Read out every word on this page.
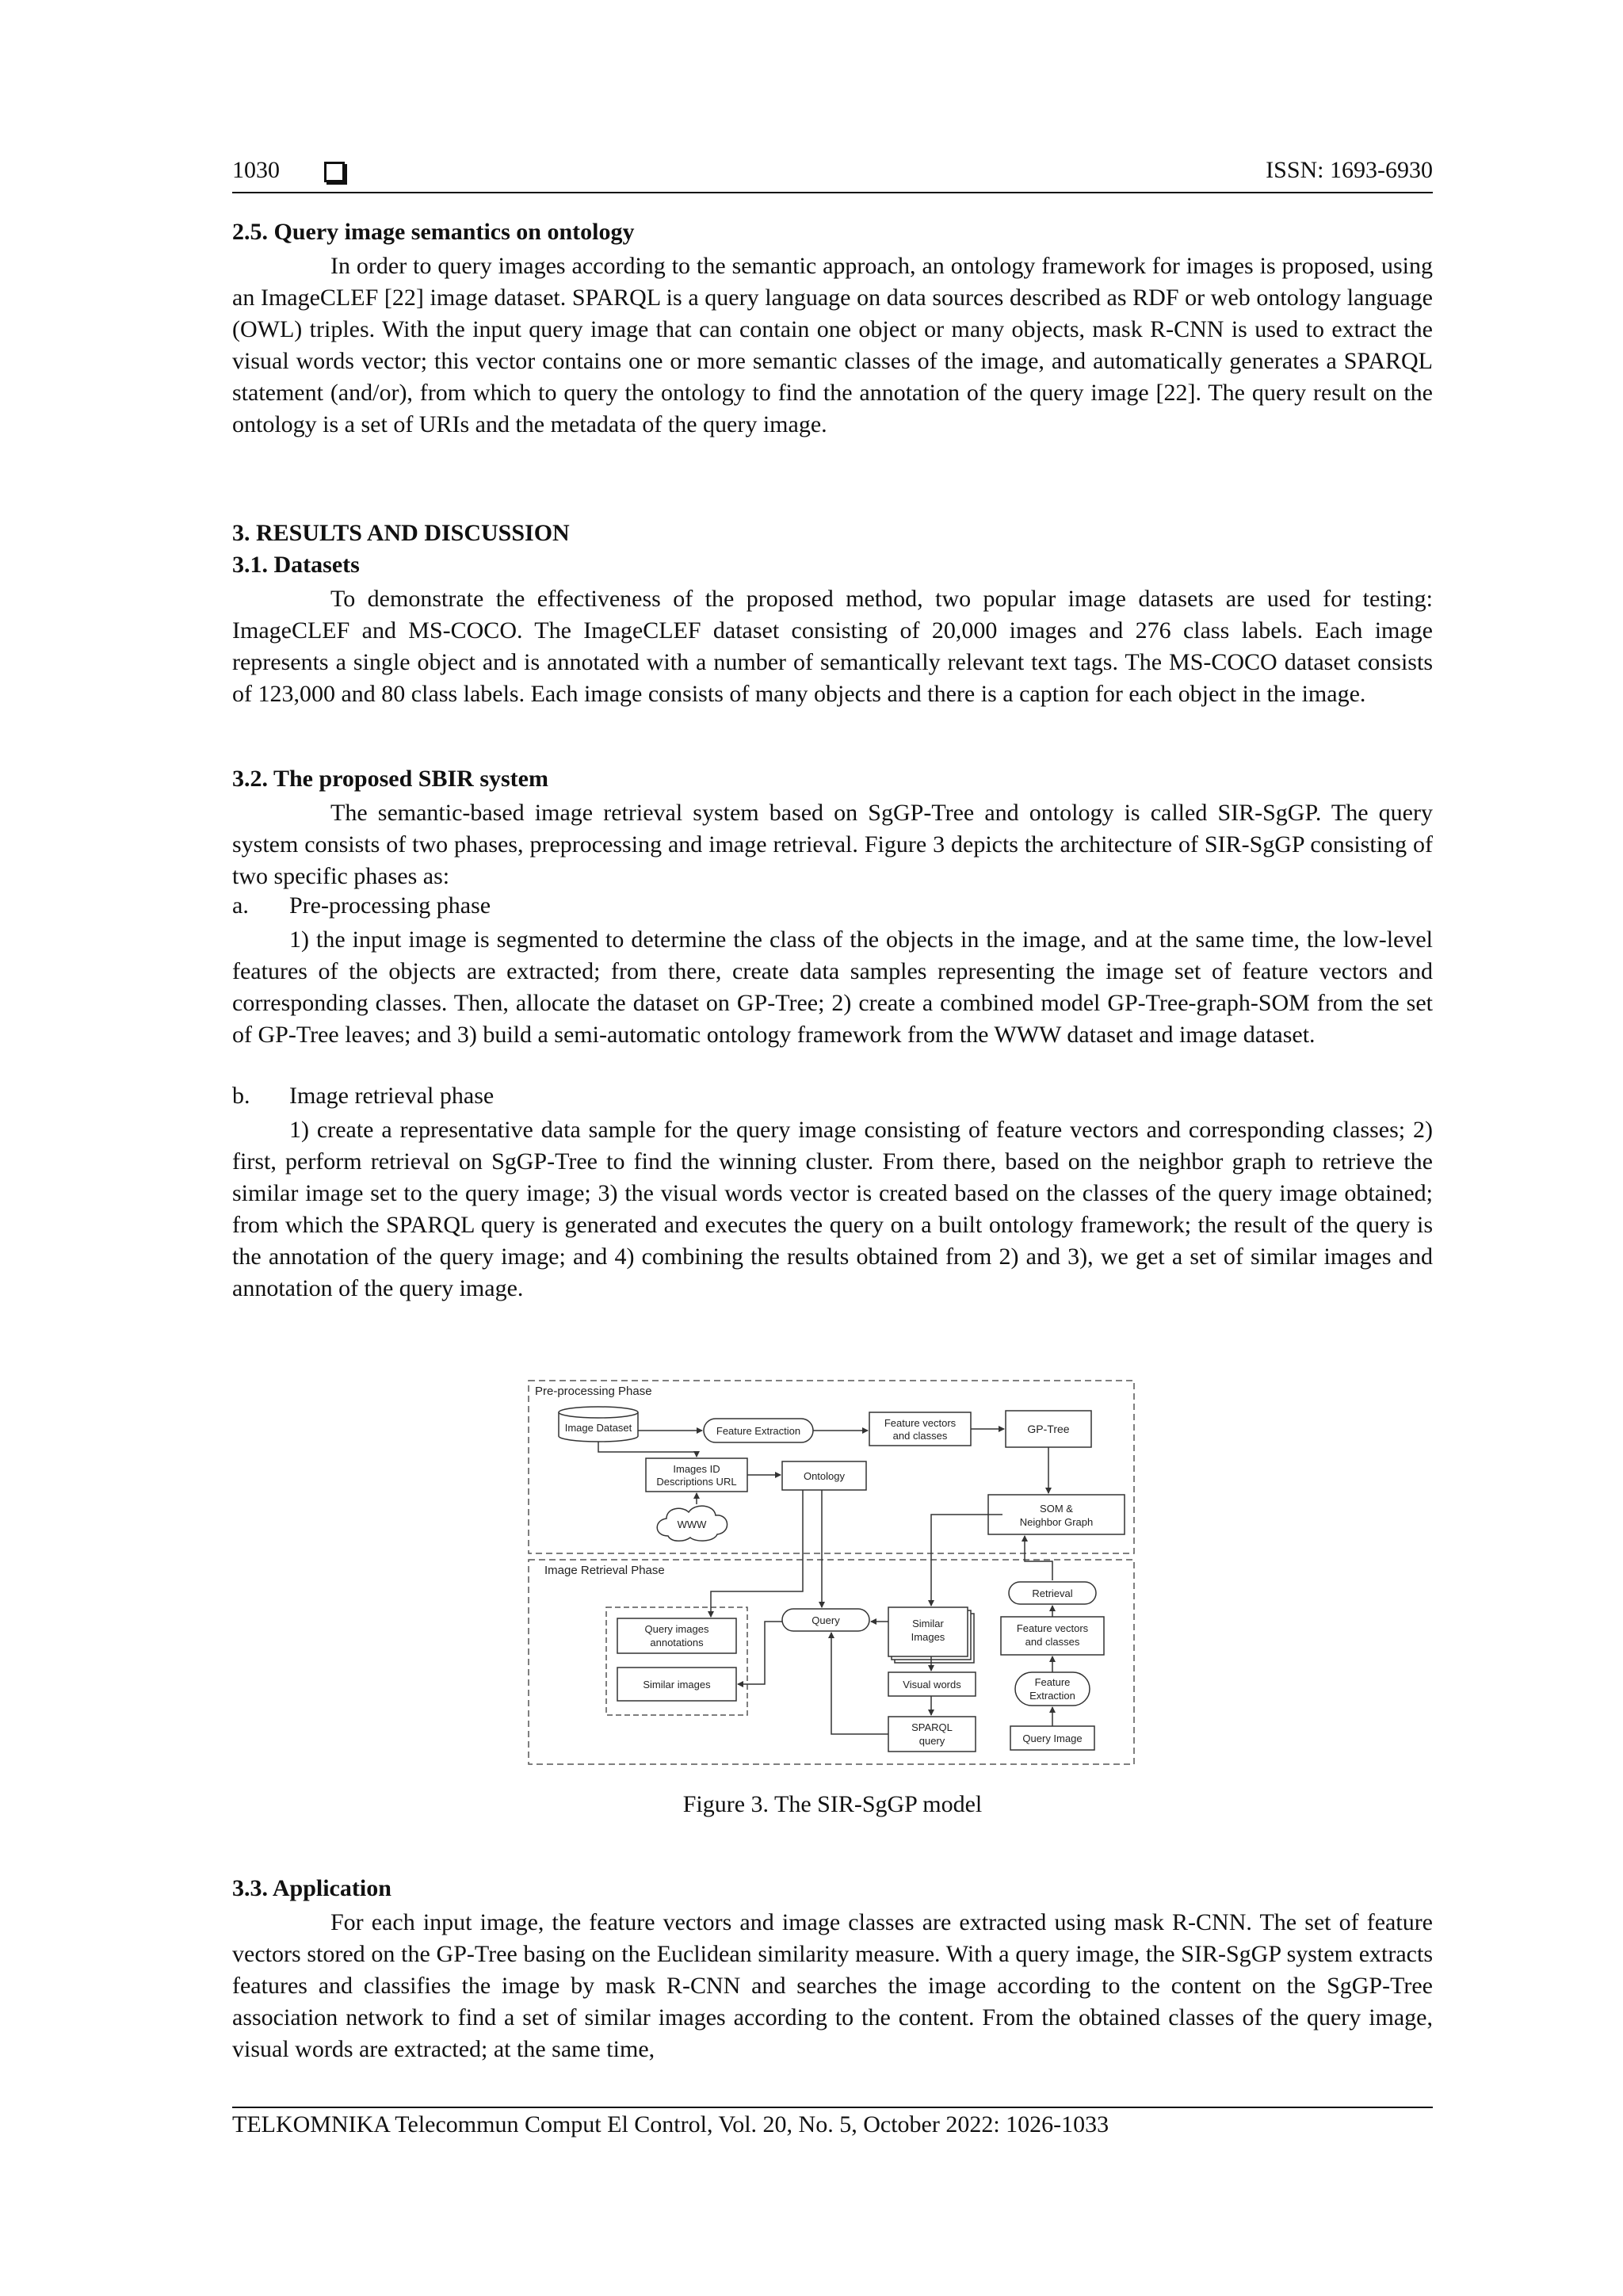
1030	ISSN: 1693-6930

2.5. Query image semantics on ontology

In order to query images according to the semantic approach, an ontology framework for images is proposed, using an ImageCLEF [22] image dataset. SPARQL is a query language on data sources described as RDF or web ontology language (OWL) triples. With the input query image that can contain one object or many objects, mask R-CNN is used to extract the visual words vector; this vector contains one or more semantic classes of the image, and automatically generates a SPARQL statement (and/or), from which to query the ontology to find the annotation of the query image [22]. The query result on the ontology is a set of URIs and the metadata of the query image.

3. RESULTS AND DISCUSSION

3.1. Datasets

To demonstrate the effectiveness of the proposed method, two popular image datasets are used for testing: ImageCLEF and MS-COCO. The ImageCLEF dataset consisting of 20,000 images and 276 class labels. Each image represents a single object and is annotated with a number of semantically relevant text tags. The MS-COCO dataset consists of 123,000 and 80 class labels. Each image consists of many objects and there is a caption for each object in the image.

3.2. The proposed SBIR system

The semantic-based image retrieval system based on SgGP-Tree and ontology is called SIR-SgGP. The query system consists of two phases, preprocessing and image retrieval. Figure 3 depicts the architecture of SIR-SgGP consisting of two specific phases as:

a. Pre-processing phase

1) the input image is segmented to determine the class of the objects in the image, and at the same time, the low-level features of the objects are extracted; from there, create data samples representing the image set of feature vectors and corresponding classes. Then, allocate the dataset on GP-Tree; 2) create a combined model GP-Tree-graph-SOM from the set of GP-Tree leaves; and 3) build a semi-automatic ontology framework from the WWW dataset and image dataset.

b. Image retrieval phase

1) create a representative data sample for the query image consisting of feature vectors and corresponding classes; 2) first, perform retrieval on SgGP-Tree to find the winning cluster. From there, based on the neighbor graph to retrieve the similar image set to the query image; 3) the visual words vector is created based on the classes of the query image obtained; from which the SPARQL query is generated and executes the query on a built ontology framework; the result of the query is the annotation of the query image; and 4) combining the results obtained from 2) and 3), we get a set of similar images and annotation of the query image.

Pre-processing Phase
Image Retrieval Phase
Image Dataset	Feature Extraction
Feature vectors
and classes
GP-Tree
Images ID
Descriptions URL	Ontology
WWW
SOM &
Neighbor Graph
Retrieval
Query images
annotations
Similar images
Query	Similar
Images
Visual words
SPARQL
query
Feature vectors
and classes
Feature
Extraction
Query Image
Figure 3. The SIR-SgGP model

3.3. Application

For each input image, the feature vectors and image classes are extracted using mask R-CNN. The set of feature vectors stored on the GP-Tree basing on the Euclidean similarity measure. With a query image, the SIR-SgGP system extracts features and classifies the image by mask R-CNN and searches the image according to the content on the SgGP-Tree association network to find a set of similar images according to the content. From the obtained classes of the query image, visual words are extracted; at the same time,

TELKOMNIKA Telecommun Comput El Control, Vol. 20, No. 5, October 2022: 1026-1033
